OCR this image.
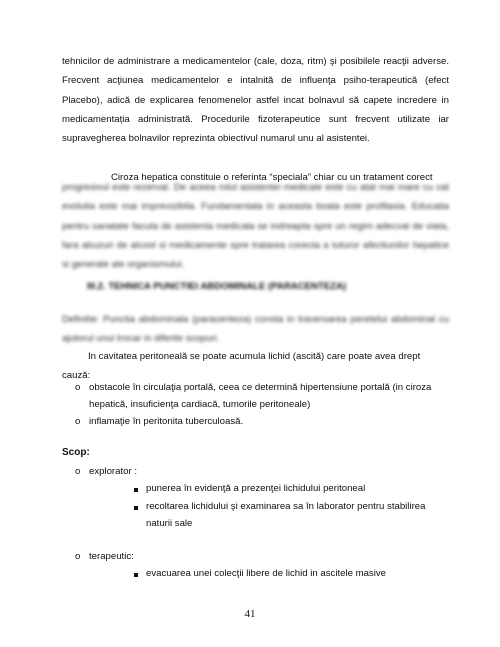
tehnicilor de administrare a medicamentelor (cale, doza, ritm) şi posibilele reacţii adverse. Frecvent acţiunea medicamentelor e intalnită de influenţa psiho-terapeutică (efect Placebo), adică de explicarea fenomenelor astfel incat bolnavul să capete incredere in medicamentația administrată. Procedurile fizoterapeutice sunt frecvent utilizate iar supravegherea bolnavilor reprezinta obiectivul numarul unu al asistentei.
Ciroza hepatica constituie o referinta “speciala” chiar cu un tratament corect
progresivul este rezervat. De aceea rolul asistentei medicale este cu atat mai mare cu cat evolutia este mai imprevizibila. Fundamentala in aceasta boala este profilaxia. Educatia pentru sanatate facuta de asistenta medicala se indreapta spre un regim adecvat de viata, fara abuzuri de alcool si medicamente spre tratarea corecta a tuturor afectiunilor hepatice si generale ale organismului.
III.2. TEHNICA PUNCTIEI ABDOMINALE (PARACENTEZA)
Definitie: Punctia abdominala (paracenteza) consta in traversarea peretelui abdominal cu ajutorul unui trocar in diferite scopuri.
In cavitatea peritoneală se poate acumula lichid (ascită) care poate avea drept
cauză:
o obstacole în circulaţia portală, ceea ce determină hipertensiune portală (in ciroza
hepatică, insuficienţa cardiacă, tumorile peritoneale)
o inflamaţie în peritonita tuberculoasă.
Scop:
o explorator :
punerea în evidenţă a prezenţei lichidului peritoneal
recoltarea lichidului şi examinarea sa în laborator pentru stabilirea
naturii sale
o terapeutic:
evacuarea unei colecţii libere de lichid in ascitele masive
41
